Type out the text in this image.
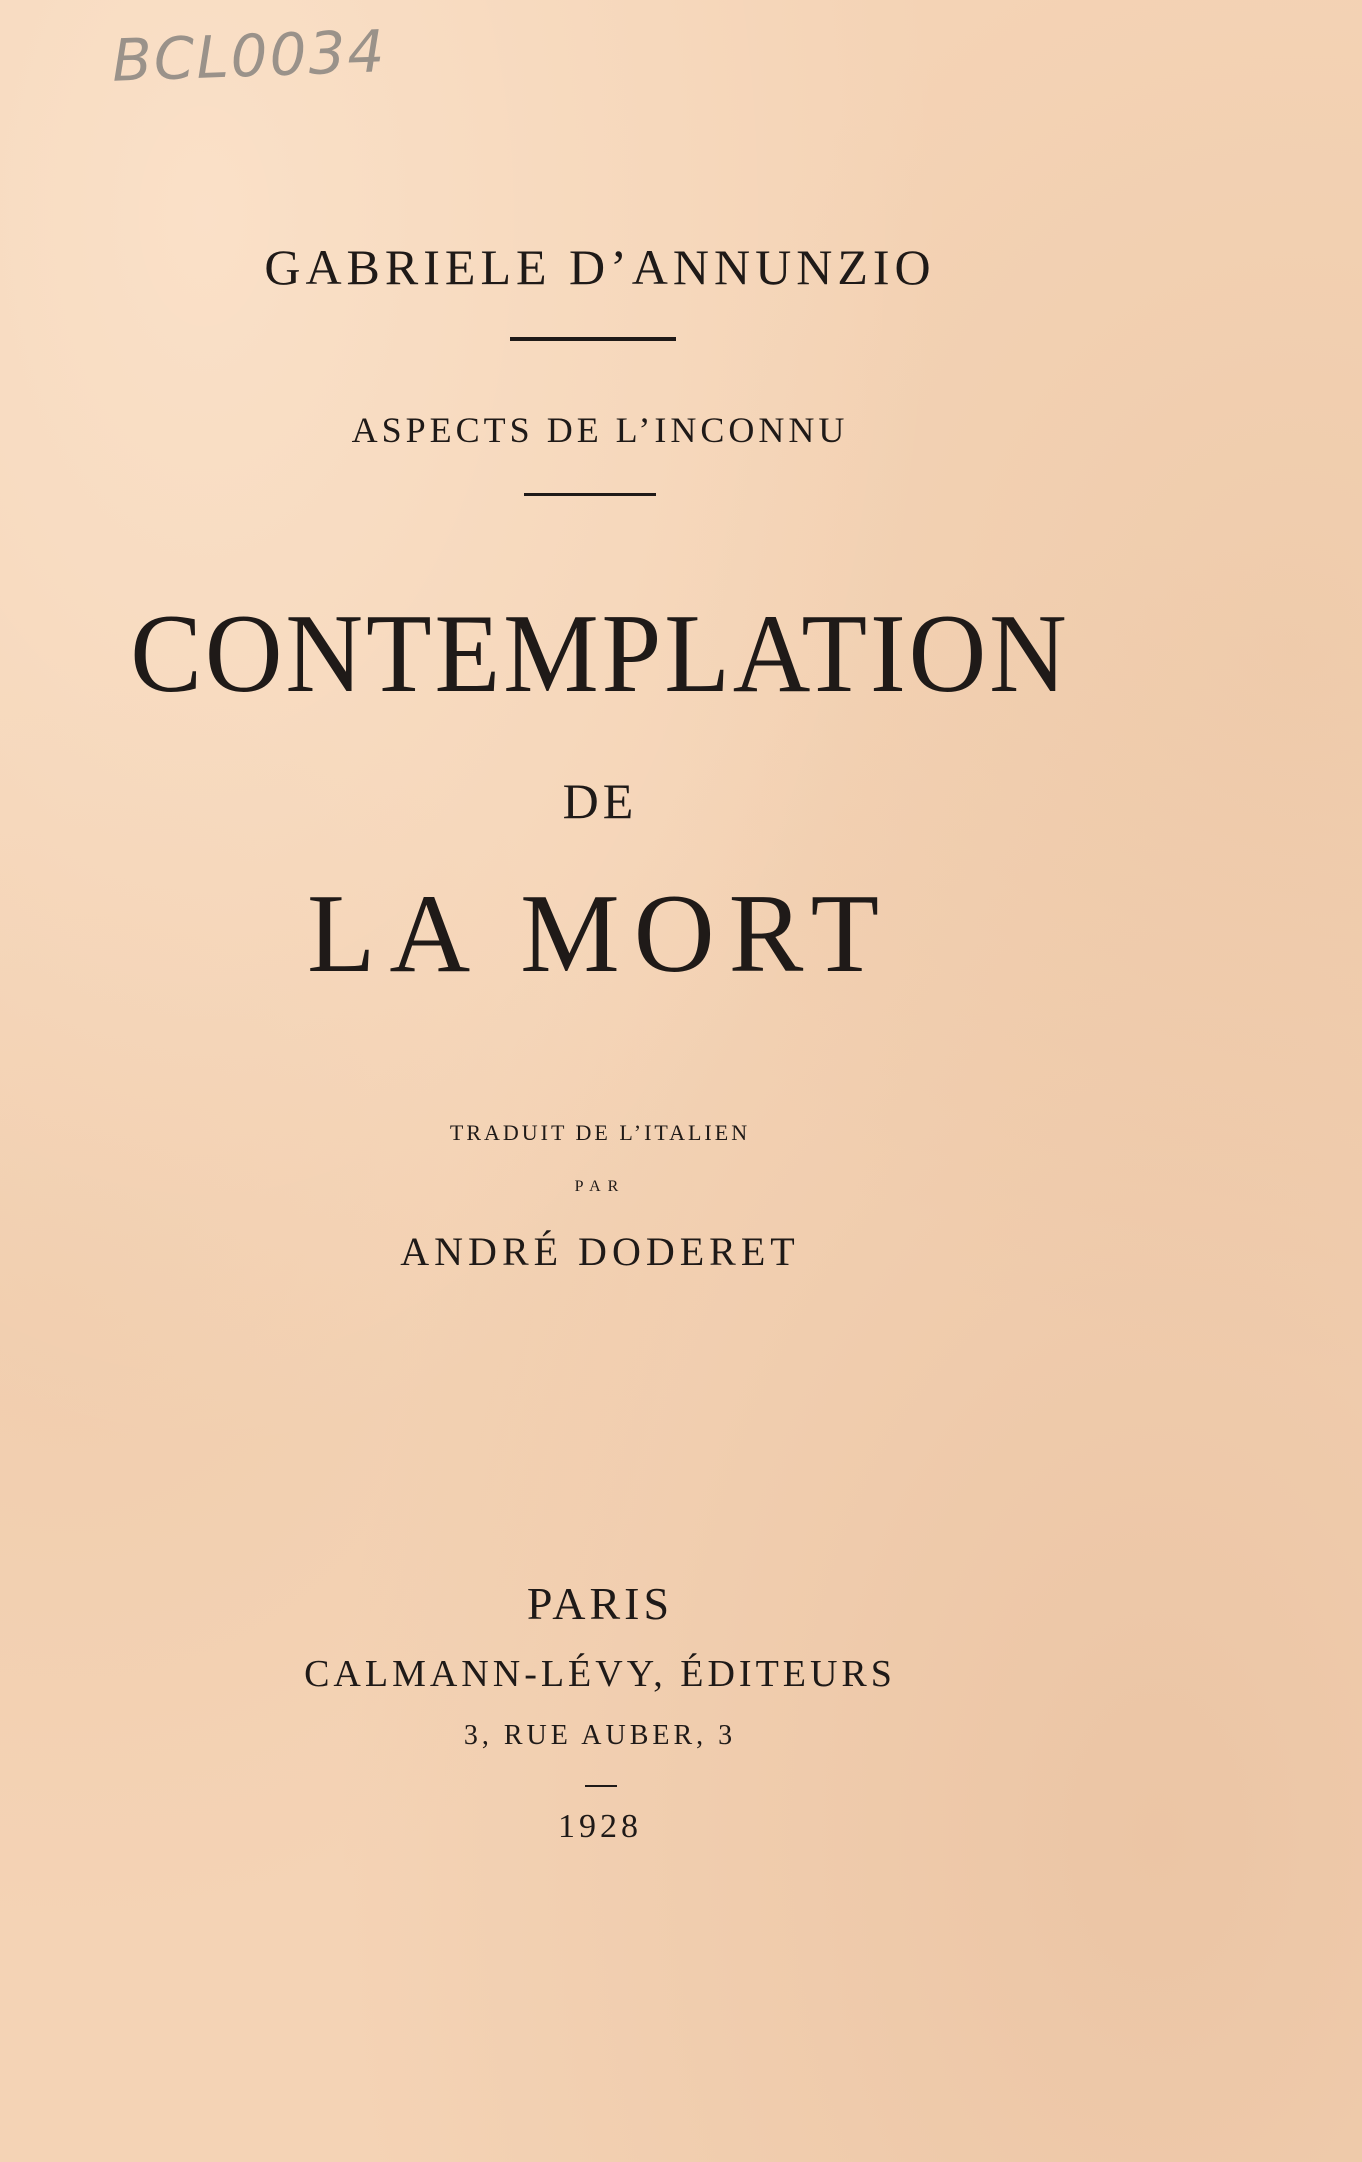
BCL0034
GABRIELE D’ANNUNZIO
ASPECTS DE L’INCONNU
CONTEMPLATION
DE
LA MORT
TRADUIT DE L’ITALIEN
PAR
ANDRÉ DODERET
PARIS
CALMANN-LÉVY, ÉDITEURS
3, RUE AUBER, 3
1928
